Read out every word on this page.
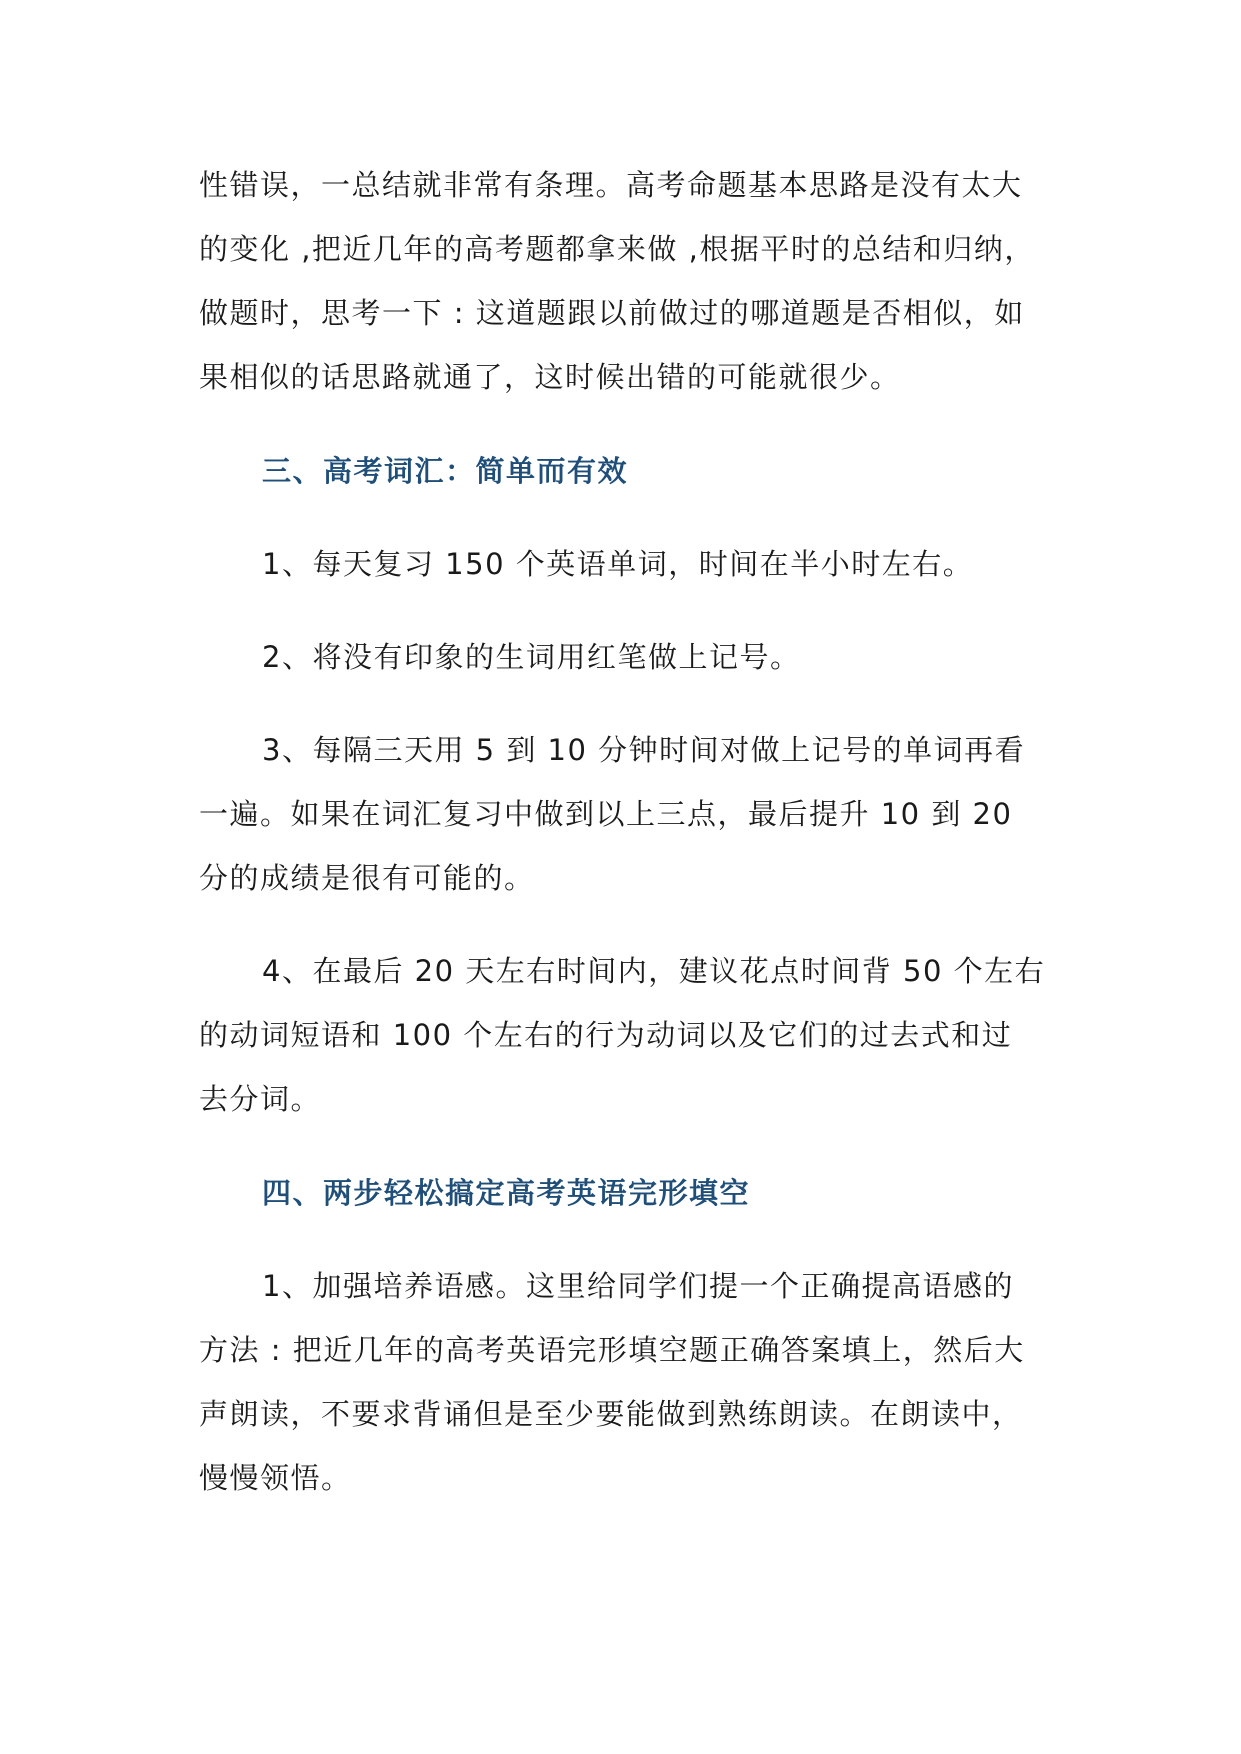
性错误，一总结就非常有条理。高考命题基本思路是没有太大
的变化 ,把近几年的高考题都拿来做 ,根据平时的总结和归纳，
做题时，思考一下 : 这道题跟以前做过的哪道题是否相似，如
果相似的话思路就通了，这时候出错的可能就很少。
三、高考词汇：简单而有效
1、每天复习 150 个英语单词，时间在半小时左右。
2、将没有印象的生词用红笔做上记号。
3、每隔三天用 5 到 10 分钟时间对做上记号的单词再看
一遍。如果在词汇复习中做到以上三点，最后提升 10 到 20
分的成绩是很有可能的。
4、在最后 20 天左右时间内，建议花点时间背 50 个左右
的动词短语和 100 个左右的行为动词以及它们的过去式和过
去分词。
四、两步轻松搞定高考英语完形填空
1、加强培养语感。这里给同学们提一个正确提高语感的
方法 : 把近几年的高考英语完形填空题正确答案填上，然后大
声朗读，不要求背诵但是至少要能做到熟练朗读。在朗读中，
慢慢领悟。
